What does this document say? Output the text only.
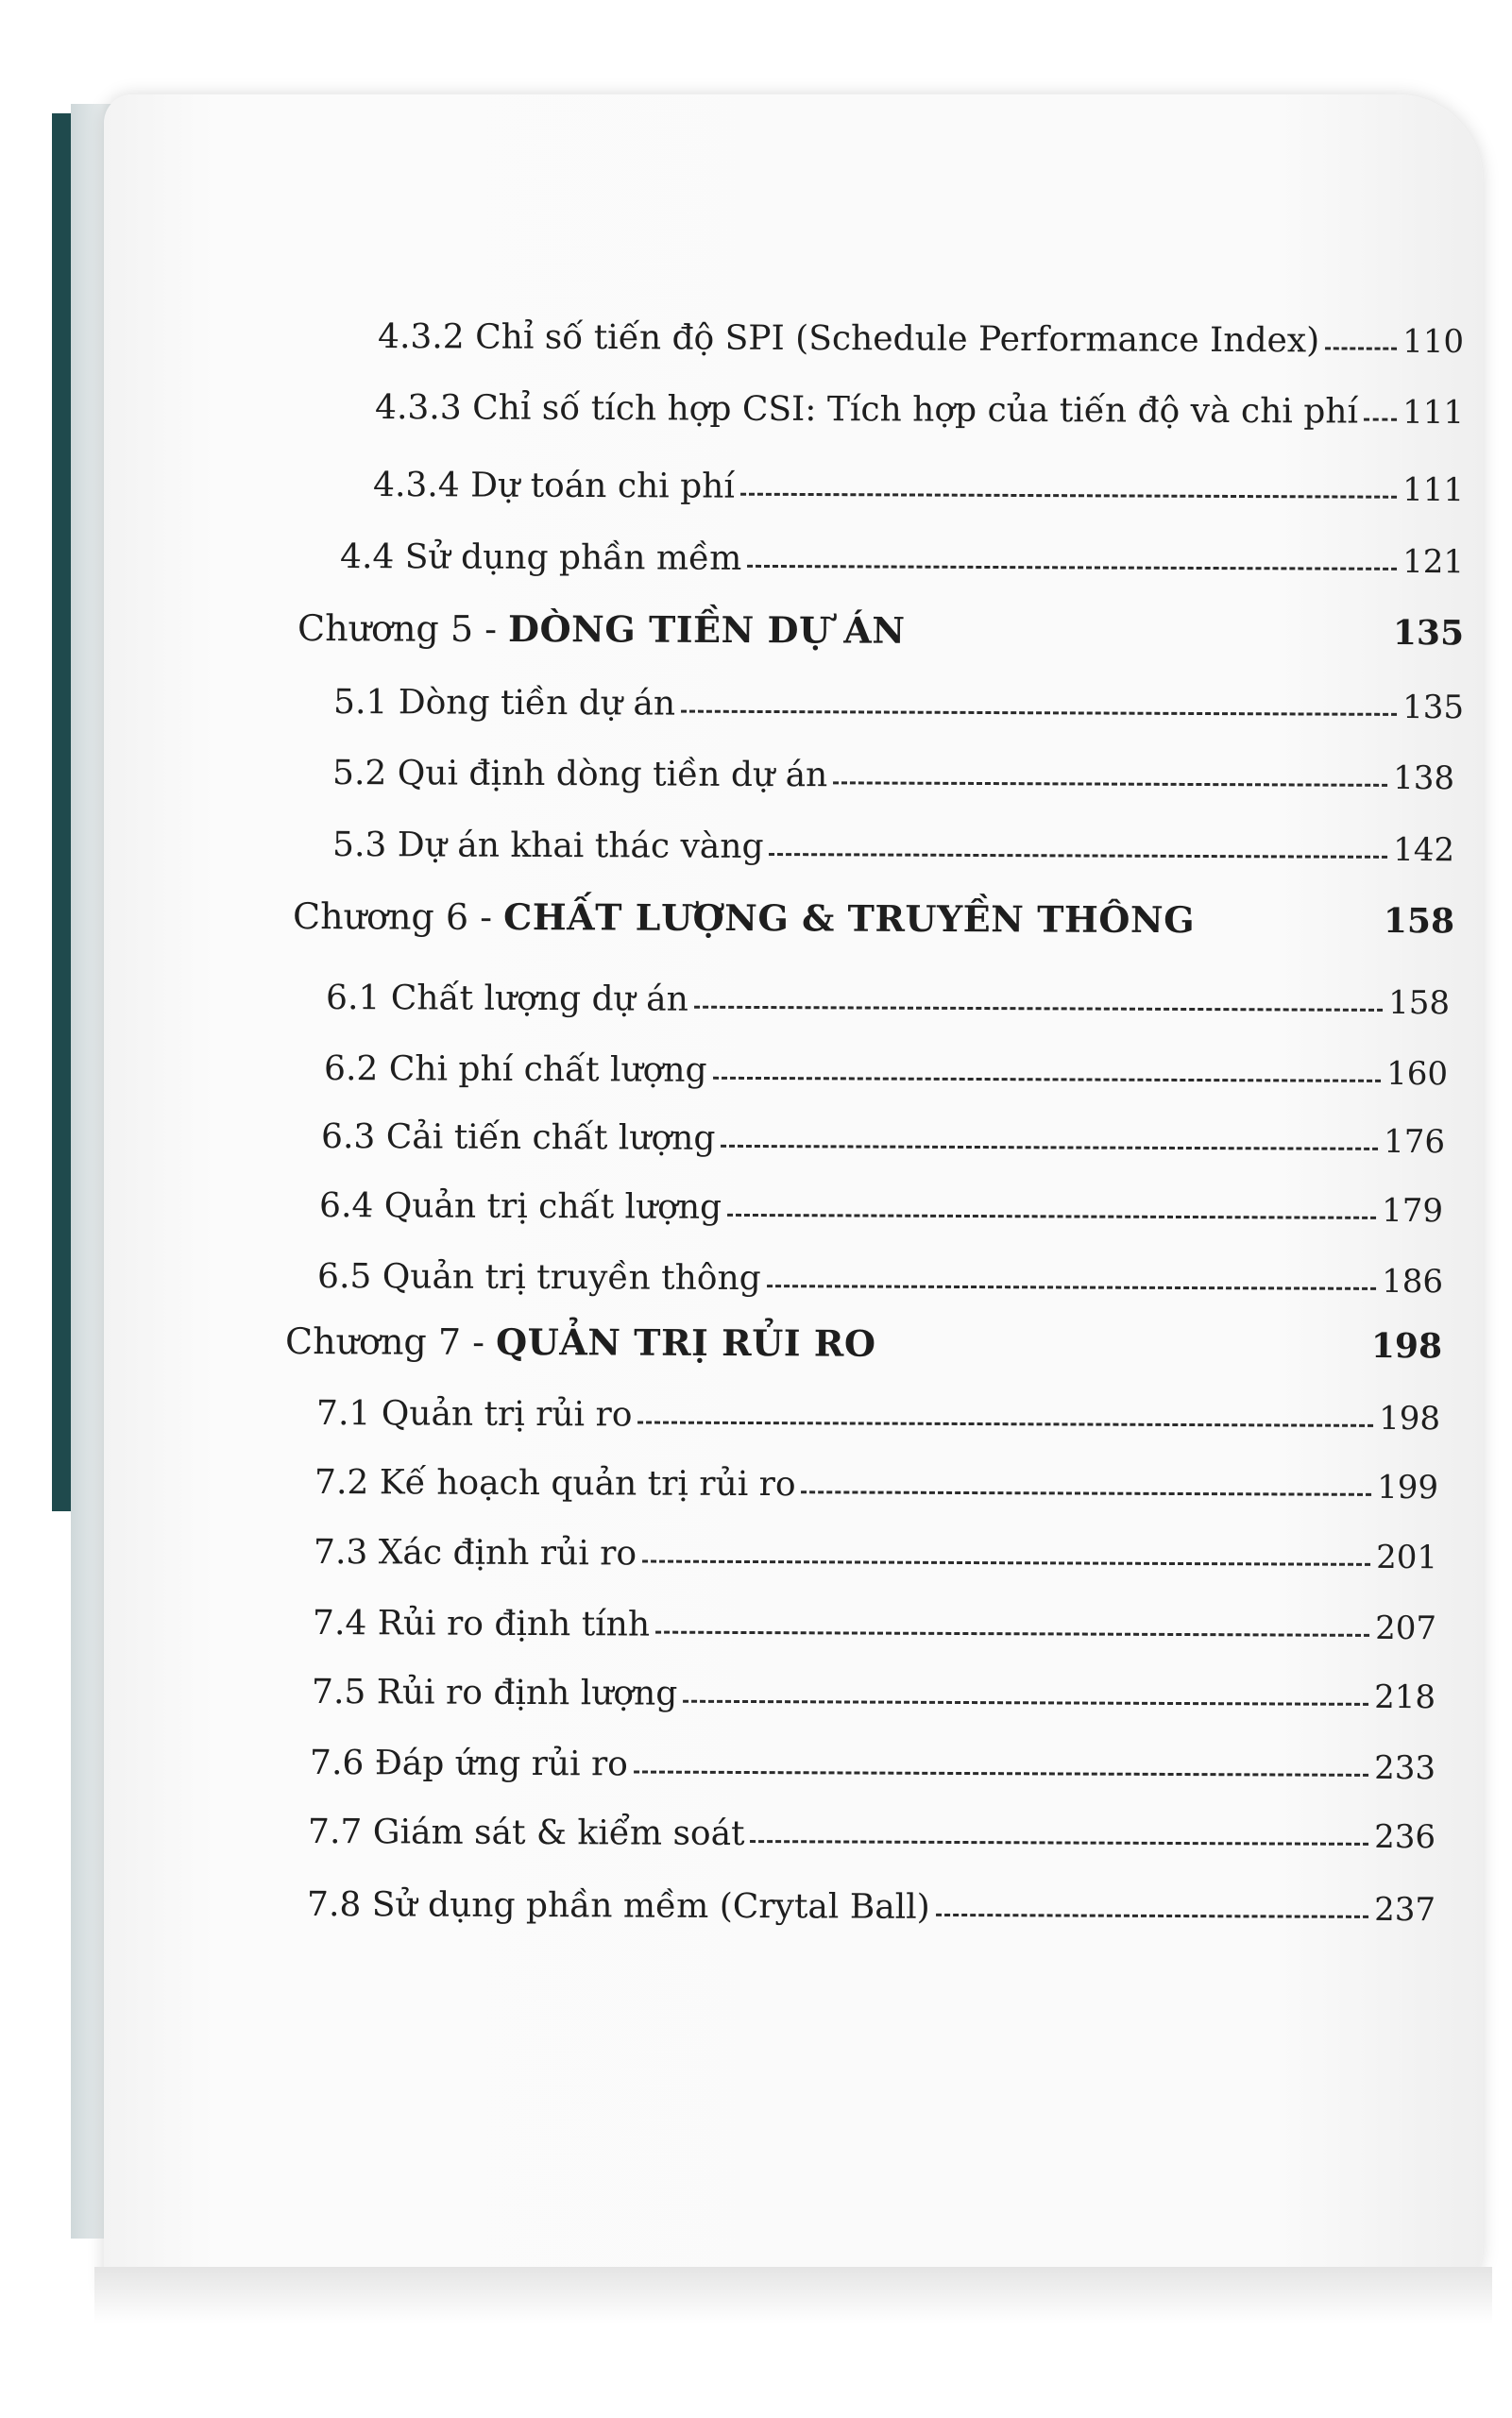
4.3.2 Chỉ số tiến độ SPI (Schedule Performance Index)	110
4.3.3 Chỉ số tích hợp CSI: Tích hợp của tiến độ và chi phí 111
4.3.4 Dự toán chi phí	111
4.4 Sử dụng phần mềm	121
Chương 5 - DÒNG TIỀN DỰ ÁN	135
5.1 Dòng tiền dự án	135
5.2 Qui định dòng tiền dự án	138
5.3 Dự án khai thác vàng	142
Chương 6 - CHẤT LƯỢNG & TRUYỀN THÔNG	158
6.1 Chất lượng dự án	158
6.2 Chi phí chất lượng	160
6.3 Cải tiến chất lượng	176
6.4 Quản trị chất lượng	179
6.5 Quản trị truyền thông	186
Chương 7 - QUẢN TRỊ RỦI RO	198
7.1 Quản trị rủi ro	198
7.2 Kế hoạch quản trị rủi ro	199
7.3 Xác định rủi ro	201
7.4 Rủi ro định tính	207
7.5 Rủi ro định lượng	218
7.6 Đáp ứng rủi ro	233
7.7 Giám sát & kiểm soát	236
7.8 Sử dụng phần mềm (Crytal Ball)	237
